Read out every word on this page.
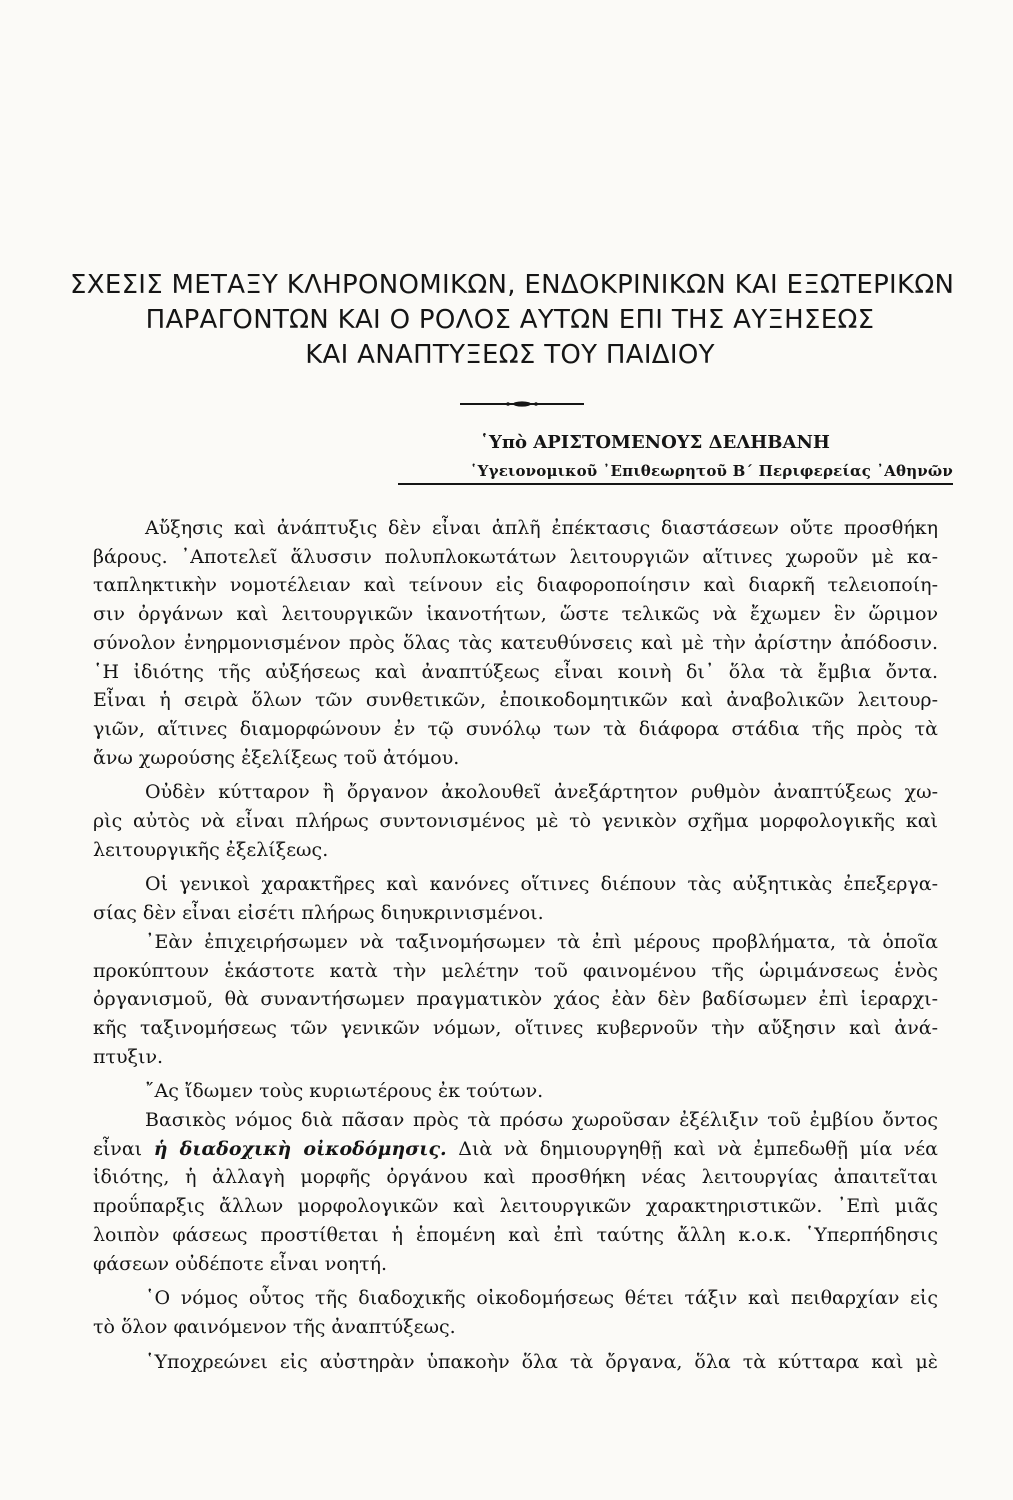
ΣΧΕΣΙΣ ΜΕΤΑΞΥ ΚΛΗΡΟΝΟΜΙΚΩΝ, ΕΝΔΟΚΡΙΝΙΚΩΝ ΚΑΙ ΕΞΩΤΕΡΙΚΩΝ
ΠΑΡΑΓΟΝΤΩΝ ΚΑΙ Ο ΡΟΛΟΣ ΑΥΤΩΝ ΕΠΙ ΤΗΣ ΑΥΞΗΣΕΩΣ
ΚΑΙ ΑΝΑΠΤΥΞΕΩΣ ΤΟΥ ΠΑΙΔΙΟΥ
῾Υπὸ ΑΡΙΣΤΟΜΕΝΟΥΣ ΔΕΛΗΒΑΝΗ
῾Υγειονομικοῦ ᾿Επιθεωρητοῦ Β΄ Περιφερείας ᾿Αθηνῶν

Αὔξησις καὶ ἀνάπτυξις δὲν εἶναι ἁπλῆ ἐπέκτασις διαστάσεων οὔτε προσθήκη
βάρους. ᾿Αποτελεῖ ἅλυσσιν πολυπλοκωτάτων λειτουργιῶν αἵτινες χωροῦν μὲ κα-
ταπληκτικὴν νομοτέλειαν καὶ τείνουν εἰς διαφοροποίησιν καὶ διαρκῆ τελειοποίη-
σιν ὀργάνων καὶ λειτουργικῶν ἱκανοτήτων, ὥστε τελικῶς νὰ ἔχωμεν ἓν ὥριμον
σύνολον ἐνηρμονισμένον πρὸς ὅλας τὰς κατευθύνσεις καὶ μὲ τὴν ἀρίστην ἀπόδοσιν.
῾Η ἰδιότης τῆς αὐξήσεως καὶ ἀναπτύξεως εἶναι κοινὴ δι᾿ ὅλα τὰ ἔμβια ὄντα.
Εἶναι ἡ σειρὰ ὅλων τῶν συνθετικῶν, ἐποικοδομητικῶν καὶ ἀναβολικῶν λειτουρ-
γιῶν, αἵτινες διαμορφώνουν ἐν τῷ συνόλῳ των τὰ διάφορα στάδια τῆς πρὸς τὰ
ἄνω χωρούσης ἐξελίξεως τοῦ ἀτόμου.

Οὐδὲν κύτταρον ἢ ὄργανον ἀκολουθεῖ ἀνεξάρτητον ρυθμὸν ἀναπτύξεως χω-
ρὶς αὐτὸς νὰ εἶναι πλήρως συντονισμένος μὲ τὸ γενικὸν σχῆμα μορφολογικῆς καὶ
λειτουργικῆς ἐξελίξεως.

Οἱ γενικοὶ χαρακτῆρες καὶ κανόνες οἵτινες διέπουν τὰς αὐξητικὰς ἐπεξεργα-
σίας δὲν εἶναι εἰσέτι πλήρως διηυκρινισμένοι.

᾿Εὰν ἐπιχειρήσωμεν νὰ ταξινομήσωμεν τὰ ἐπὶ μέρους προβλήματα, τὰ ὁποῖα
προκύπτουν ἑκάστοτε κατὰ τὴν μελέτην τοῦ φαινομένου τῆς ὡριμάνσεως ἑνὸς
ὀργανισμοῦ, θὰ συναντήσωμεν πραγματικὸν χάος ἐὰν δὲν βαδίσωμεν ἐπὶ ἱεραρχι-
κῆς ταξινομήσεως τῶν γενικῶν νόμων, οἵτινες κυβερνοῦν τὴν αὔξησιν καὶ ἀνά-
πτυξιν.

῎Ας ἴδωμεν τοὺς κυριωτέρους ἐκ τούτων.

Βασικὸς νόμος διὰ πᾶσαν πρὸς τὰ πρόσω χωροῦσαν ἐξέλιξιν τοῦ ἐμβίου ὄντος
εἶναι ἡ διαδοχικὴ οἰκοδόμησις. Διὰ νὰ δημιουργηθῇ καὶ νὰ ἐμπεδωθῇ μία νέα
ἰδιότης, ἡ ἀλλαγὴ μορφῆς ὀργάνου καὶ προσθήκη νέας λειτουργίας ἀπαιτεῖται
προΰπαρξις ἄλλων μορφολογικῶν καὶ λειτουργικῶν χαρακτηριστικῶν. ᾿Επὶ μιᾶς
λοιπὸν φάσεως προστίθεται ἡ ἑπομένη καὶ ἐπὶ ταύτης ἄλλη κ.ο.κ. ῾Υπερπήδησις
φάσεων οὐδέποτε εἶναι νοητή.

῾Ο νόμος οὗτος τῆς διαδοχικῆς οἰκοδομήσεως θέτει τάξιν καὶ πειθαρχίαν εἰς
τὸ ὅλον φαινόμενον τῆς ἀναπτύξεως.

῾Υποχρεώνει εἰς αὐστηρὰν ὑπακοὴν ὅλα τὰ ὄργανα, ὅλα τὰ κύτταρα καὶ μὲ
